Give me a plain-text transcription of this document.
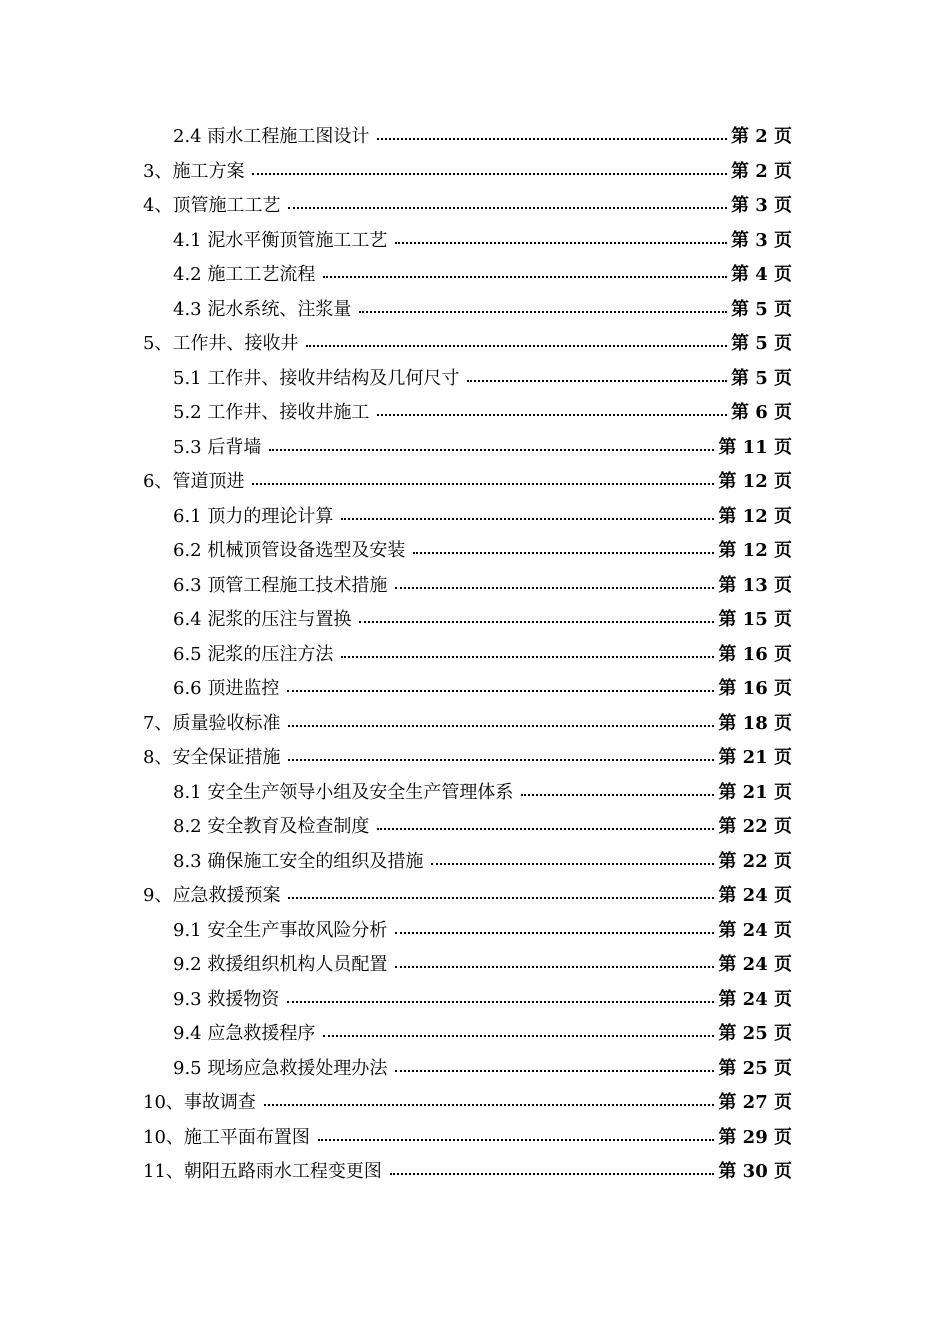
2.4 雨水工程施工图设计	第 2 页
3、施工方案	第 2 页
4、顶管施工工艺	第 3 页
4.1 泥水平衡顶管施工工艺	第 3 页
4.2 施工工艺流程	第 4 页
4.3 泥水系统、注浆量	第 5 页
5、工作井、接收井	第 5 页
5.1 工作井、接收井结构及几何尺寸	第 5 页
5.2 工作井、接收井施工	第 6 页
5.3 后背墙	第 11 页
6、管道顶进	第 12 页
6.1 顶力的理论计算	第 12 页
6.2 机械顶管设备选型及安装	第 12 页
6.3 顶管工程施工技术措施	第 13 页
6.4 泥浆的压注与置换	第 15 页
6.5 泥浆的压注方法	第 16 页
6.6 顶进监控	第 16 页
7、质量验收标准	第 18 页
8、安全保证措施	第 21 页
8.1 安全生产领导小组及安全生产管理体系	第 21 页
8.2 安全教育及检查制度	第 22 页
8.3 确保施工安全的组织及措施	第 22 页
9、应急救援预案	第 24 页
9.1 安全生产事故风险分析	第 24 页
9.2 救援组织机构人员配置	第 24 页
9.3 救援物资	第 24 页
9.4 应急救援程序	第 25 页
9.5 现场应急救援处理办法	第 25 页
10、事故调查	第 27 页
10、施工平面布置图	第 29 页
11、朝阳五路雨水工程变更图	第 30 页
